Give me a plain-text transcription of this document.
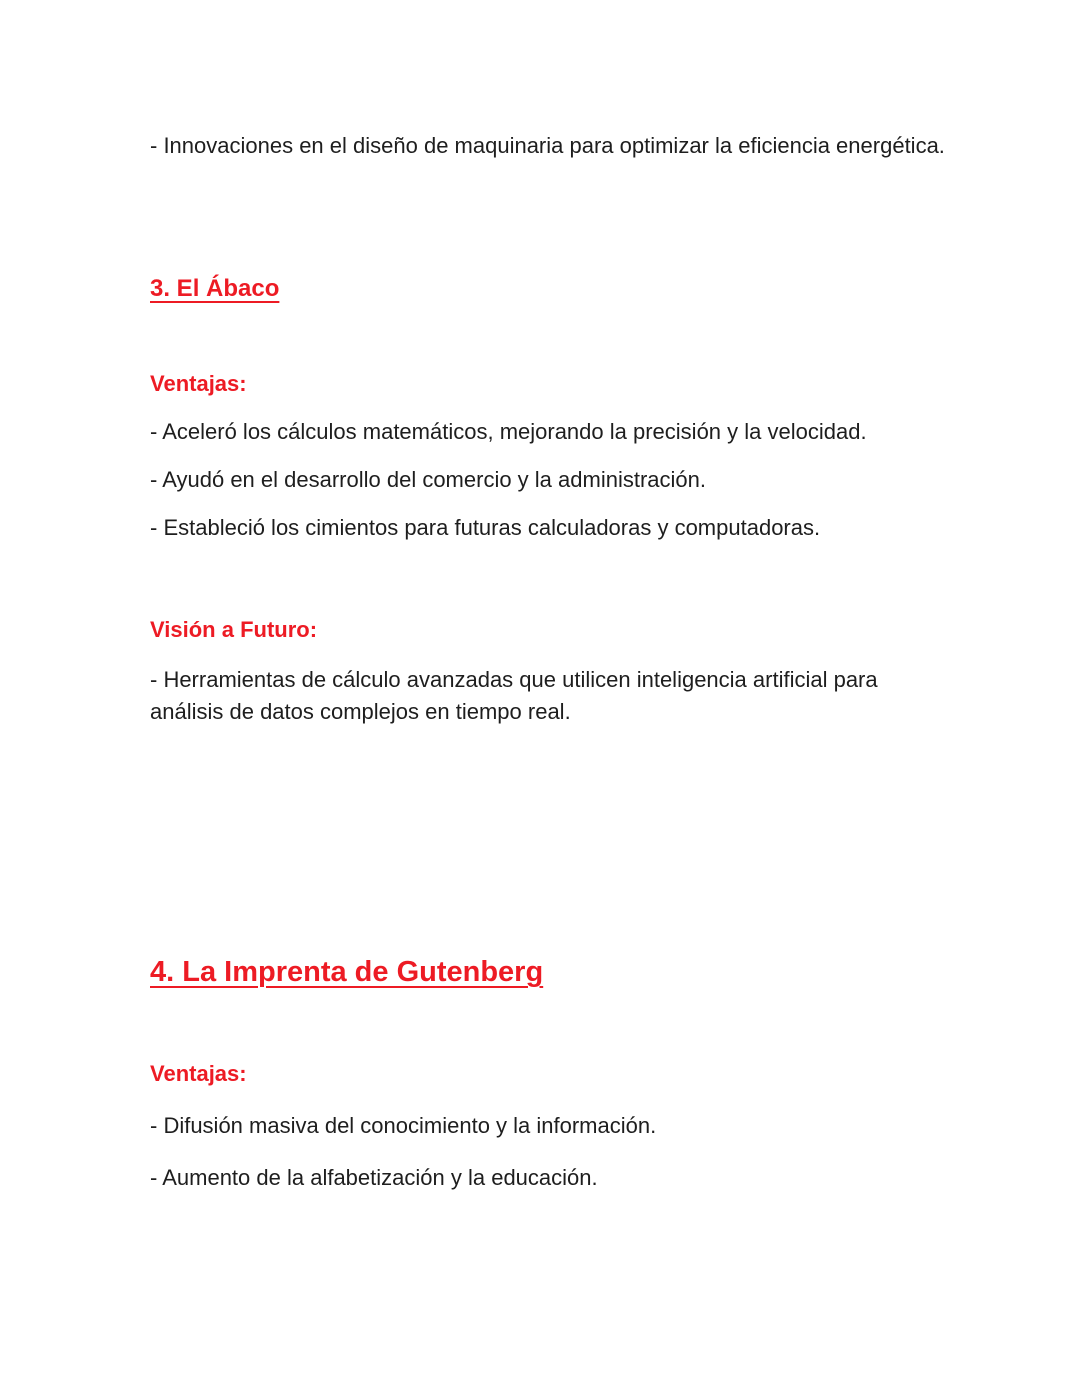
- Innovaciones en el diseño de maquinaria para optimizar la eficiencia energética.

3. El Ábaco

Ventajas:

- Aceleró los cálculos matemáticos, mejorando la precisión y la velocidad.

- Ayudó en el desarrollo del comercio y la administración.

- Estableció los cimientos para futuras calculadoras y computadoras.

Visión a Futuro:

- Herramientas de cálculo avanzadas que utilicen inteligencia artificial para análisis de datos complejos en tiempo real.

4. La Imprenta de Gutenberg

Ventajas:

- Difusión masiva del conocimiento y la información.

- Aumento de la alfabetización y la educación.
